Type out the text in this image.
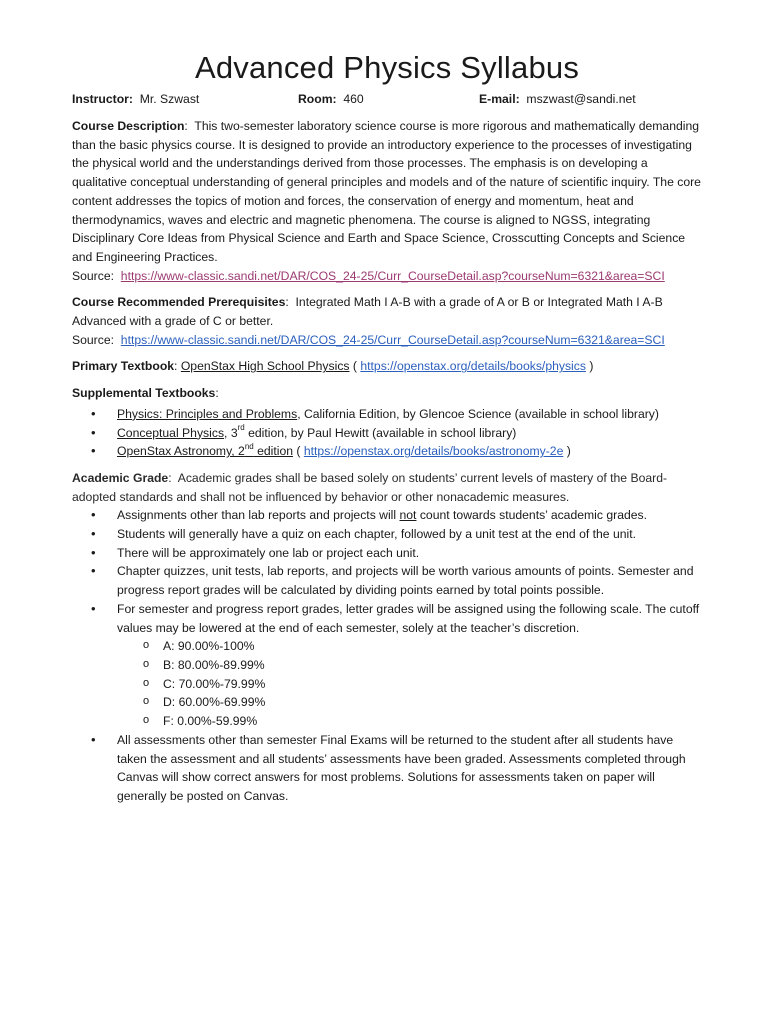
Advanced Physics Syllabus
Instructor: Mr. Szwast	Room: 460	E-mail: mszwast@sandi.net

Course Description:  This two-semester laboratory science course is more rigorous and mathematically demanding than the basic physics course. It is designed to provide an introductory experience to the processes of investigating the physical world and the understandings derived from those processes. The emphasis is on developing a qualitative conceptual understanding of general principles and models and of the nature of scientific inquiry. The core content addresses the topics of motion and forces, the conservation of energy and momentum, heat and thermodynamics, waves and electric and magnetic phenomena. The course is aligned to NGSS, integrating Disciplinary Core Ideas from Physical Science and Earth and Space Science, Crosscutting Concepts and Science and Engineering Practices.
Source: https://www-classic.sandi.net/DAR/COS_24-25/Curr_CourseDetail.asp?courseNum=6321&area=SCI

Course Recommended Prerequisites:  Integrated Math I A-B with a grade of A or B or Integrated Math I A-B Advanced with a grade of C or better.
Source: https://www-classic.sandi.net/DAR/COS_24-25/Curr_CourseDetail.asp?courseNum=6321&area=SCI

Primary Textbook: OpenStax High School Physics ( https://openstax.org/details/books/physics )

Supplemental Textbooks:

• Physics: Principles and Problems, California Edition, by Glencoe Science (available in school library)
• Conceptual Physics, 3rd edition, by Paul Hewitt (available in school library)
• OpenStax Astronomy, 2nd edition ( https://openstax.org/details/books/astronomy-2e )

Academic Grade:  Academic grades shall be based solely on students’ current levels of mastery of the Board-adopted standards and shall not be influenced by behavior or other nonacademic measures.

• Assignments other than lab reports and projects will not count towards students’ academic grades.
• Students will generally have a quiz on each chapter, followed by a unit test at the end of the unit.
• There will be approximately one lab or project each unit.
• Chapter quizzes, unit tests, lab reports, and projects will be worth various amounts of points. Semester and progress report grades will be calculated by dividing points earned by total points possible.
• For semester and progress report grades, letter grades will be assigned using the following scale. The cutoff values may be lowered at the end of each semester, solely at the teacher’s discretion.
o A: 90.00%-100%
o B: 80.00%-89.99%
o C: 70.00%-79.99%
o D: 60.00%-69.99%
o F: 0.00%-59.99%
• All assessments other than semester Final Exams will be returned to the student after all students have taken the assessment and all students’ assessments have been graded. Assessments completed through Canvas will show correct answers for most problems. Solutions for assessments taken on paper will generally be posted on Canvas.
